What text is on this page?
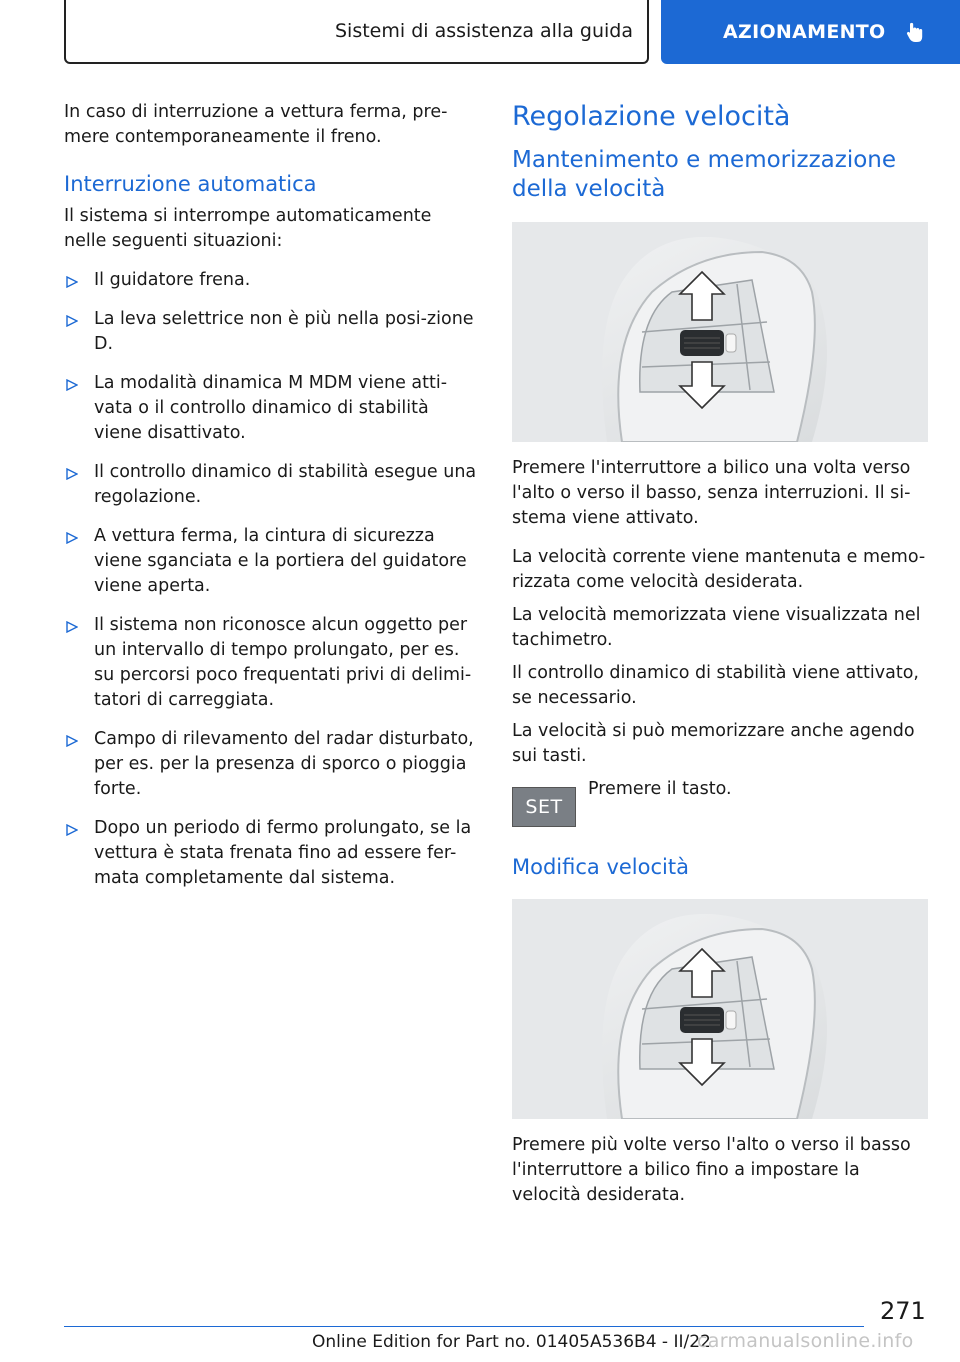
Sistemi di assistenza alla guida	AZIONAMENTO

In caso di interruzione a vettura ferma, pre-mere contemporaneamente il freno.

Interruzione automatica

Il sistema si interrompe automaticamente nelle seguenti situazioni:

Il guidatore frena.
La leva selettrice non è più nella posi-zione D.
La modalità dinamica M MDM viene atti-vata o il controllo dinamico di stabilità viene disattivato.
Il controllo dinamico di stabilità esegue una regolazione.
A vettura ferma, la cintura di sicurezza viene sganciata e la portiera del guidatore viene aperta.
Il sistema non riconosce alcun oggetto per un intervallo di tempo prolungato, per es. su percorsi poco frequentati privi di delimi-tatori di carreggiata.
Campo di rilevamento del radar disturbato, per es. per la presenza di sporco o pioggia forte.
Dopo un periodo di fermo prolungato, se la vettura è stata frenata fino ad essere fer-mata completamente dal sistema.
Regolazione velocità
Mantenimento e memorizzazione della velocità

Premere l'interruttore a bilico una volta verso l'alto o verso il basso, senza interruzioni. Il si-stema viene attivato.

La velocità corrente viene mantenuta e memo-rizzata come velocità desiderata.

La velocità memorizzata viene visualizzata nel tachimetro.

Il controllo dinamico di stabilità viene attivato, se necessario.

La velocità si può memorizzare anche agendo sui tasti.

SET
Premere il tasto.
Modifica velocità

Premere più volte verso l'alto o verso il basso l'interruttore a bilico fino a impostare la velocità desiderata.

271
Online Edition for Part no. 01405A536B4 - II/22
carmanualsonline.info
